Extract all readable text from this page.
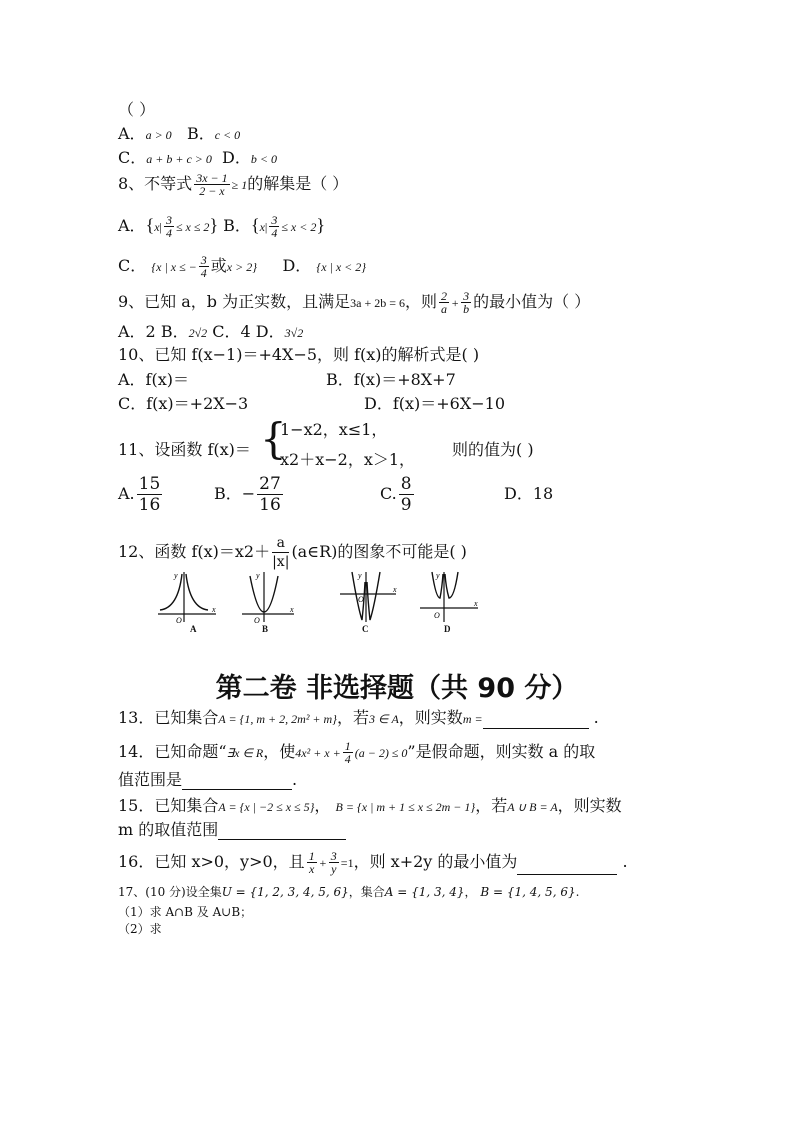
（ ）
A．a > 0 B．c < 0
C．a + b + c > 0 D．b < 0
8、不等式 $\frac{3x - 1}{2 - x} \ge 1$的解集是（ ）
A．$\{x| \frac{3}{4} \le x \le 2\}$ B．$\{x| \frac{3}{4} \le x < 2\}$
C． {x | x ≤ − $\frac{3}{4}$ 或x > 2} D． {x | x < 2}
9、已知 a，b 为正实数，且满足3a + 2b = 6，则 $\frac{2}{a} + \frac{3}{b}$ 的最小值为（ ）
A．2 B．2√2 C．4 D．3√2
10、已知 f(x−1)＝+4X−5，则 f(x)的解析式是( )
A．f(x)＝	B．f(x)＝+8X+7
C．f(x)＝+2X−3	D．f(x)＝+6X−10
11、设函数 f(x)＝ {
1−x2，x≤1，
x2＋x−2，x＞1，
则的值为( )
A. $\frac{15}{16}$	B．− $\frac{27}{16}$	C. $\frac{8}{9}$	D．18
12、函数 $f(x)=x2+ \frac{a}{|x|}$ (a∈R)的图象不可能是( )
y
x
O
A
y
x
O
B
y
x
O
C
y
x
O
D
第二卷 非选择题（共 90 分）
13．已知集合A = {1, m + 2, 2m² + m}，若3 ∈ A，则实数m =	.
14．已知命题“∃x ∈ R，使$4x^2 + x + \frac{1}{4} (a - 2) \le 0$”是假命题，则实数 a 的取
值范围是	.
15．已知集合A = {x | −2 ≤ x ≤ 5}， B = {x | m + 1 ≤ x ≤ 2m − 1}，若A ∪ B = A，则实数
m 的取值范围
16．已知 x>0，y>0，且 $\frac{1}{x} + \frac{3}{y} =1$，则 x+2y 的最小值为	.
17、(10 分)设全集U = {1, 2, 3, 4, 5, 6}，集合A = {1, 3, 4}， B = {1, 4, 5, 6}.
（1）求 A∩B 及 A∪B；
（2）求
